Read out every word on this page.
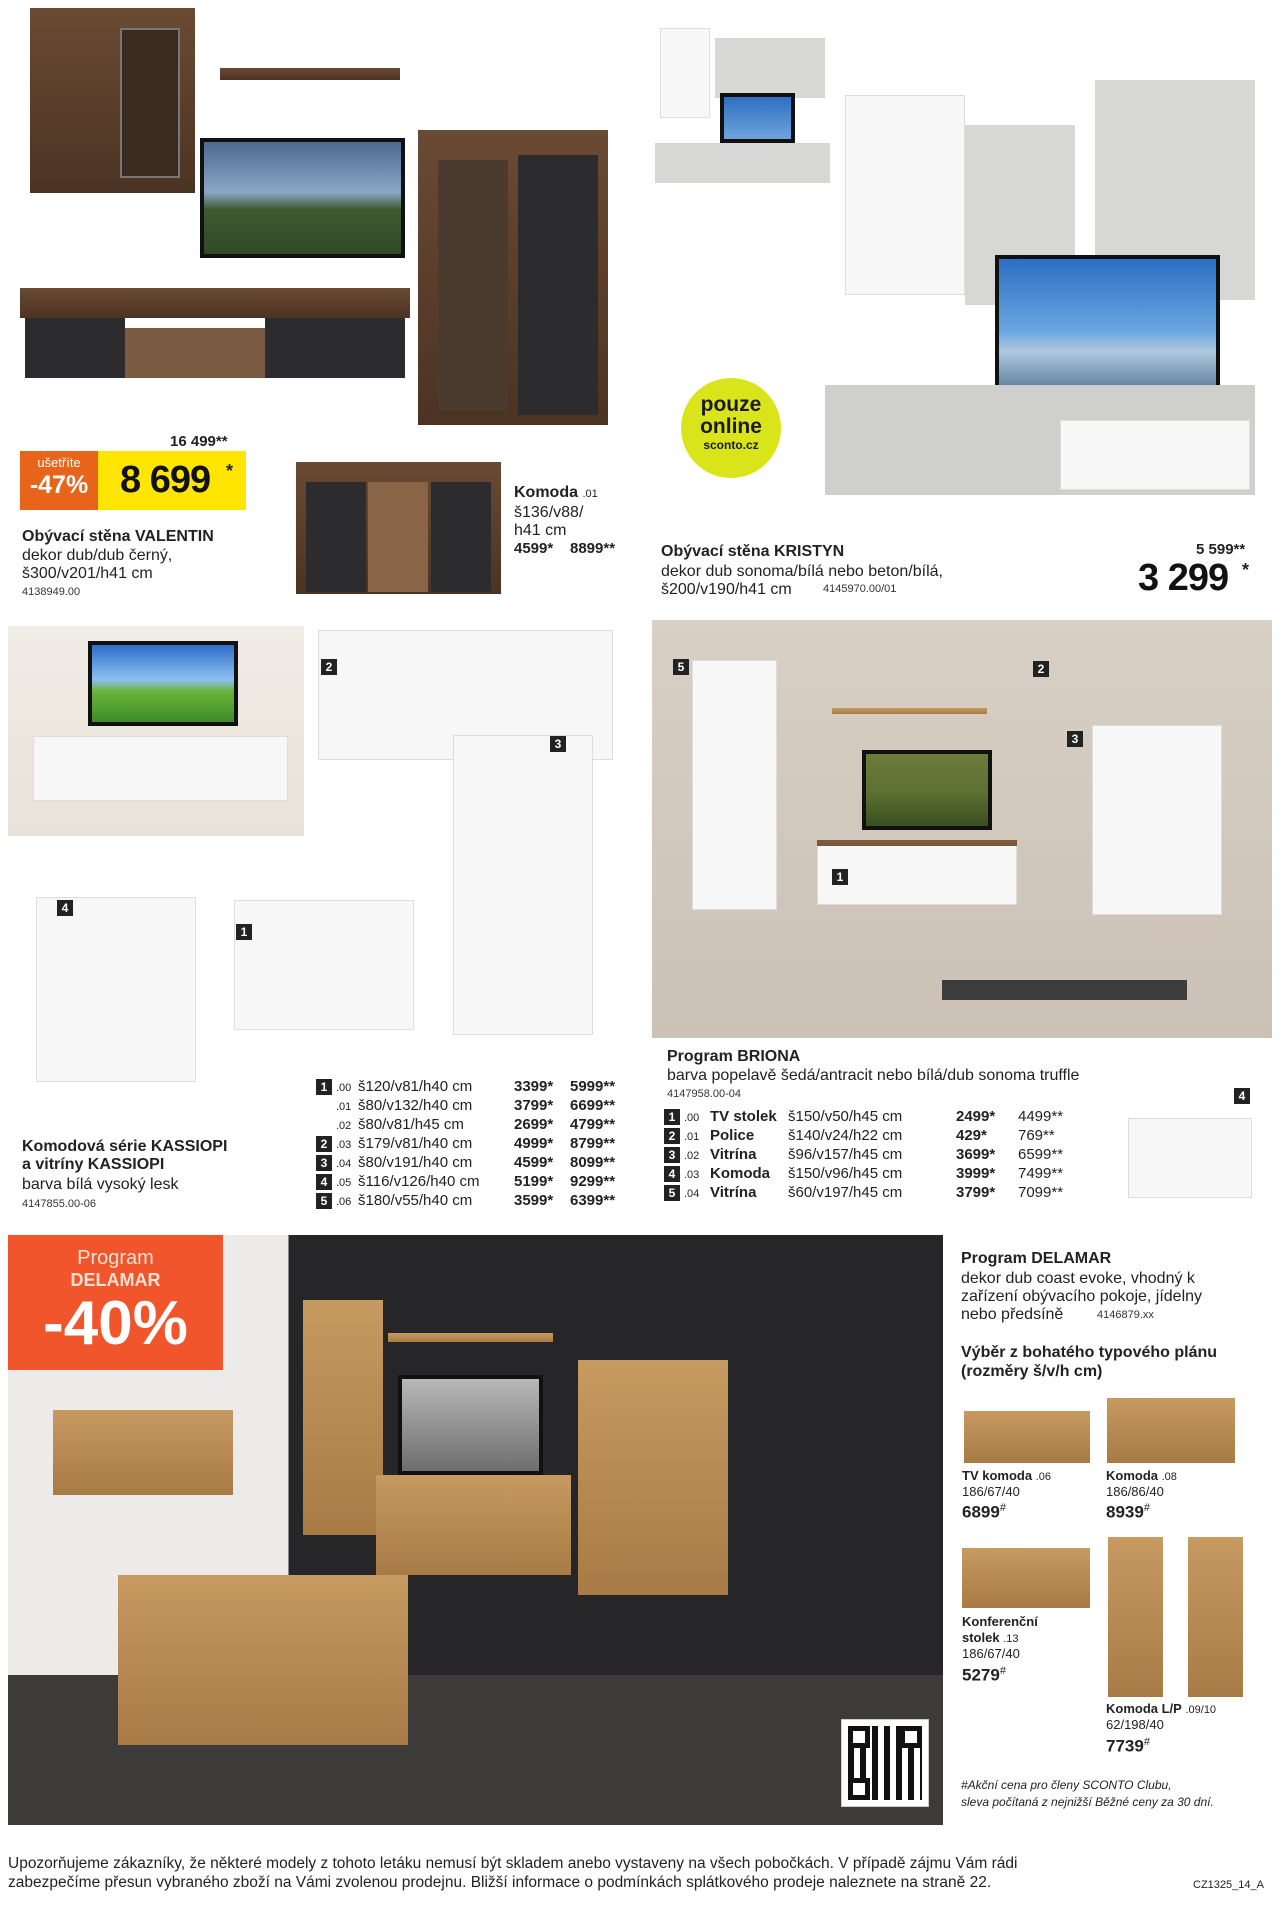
16 499**
ušetříte
-47% 8 699 *
Obývací stěna VALENTIN
dekor dub/dub černý,
š300/v201/h41 cm
4138949.00
Komoda .01
š136/v88/
h41 cm
4599* 8899**
pouze
online
sconto.cz
Obývací stěna KRISTYN
dekor dub sonoma/bílá nebo beton/bílá,
š200/v190/h41 cm	4145970.00/01
5 599**
3 299 *
2
3
4
1
Komodová série KASSIOPI
a vitríny KASSIOPI
barva bílá vysoký lesk
4147855.00-06
1 .00 š120/v81/h40 cm	3399* 5999**
.01 š80/v132/h40 cm	3799* 6699**
.02 š80/v81/h45 cm	2699* 4799**
2 .03 š179/v81/h40 cm	4999* 8799**
3 .04 š80/v191/h40 cm	4599* 8099**
4 .05 š116/v126/h40 cm 5199* 9299**
5 .06 š180/v55/h40 cm	3599* 6399**
5	2
3
1
Program BRIONA
barva popelavě šedá/antracit nebo bílá/dub sonoma truffle
4147958.00-04	4
1 .00 TV stolek š150/v50/h45 cm	2499* 4499**
2 .01 Police š140/v24/h22 cm	429* 769**
3 .02 Vitrína š96/v157/h45 cm	3699* 6599**
4 .03 Komoda š150/v96/h45 cm	3999* 7499**
5 .04 Vitrína š60/v197/h45 cm	3799* 7099**
Program
DELAMAR
-40%
Program DELAMAR
dekor dub coast evoke, vhodný k
zařízení obývacího pokoje, jídelny
nebo předsíně	4146879.xx
Výběr z bohatého typového plánu
(rozměry š/v/h cm)
TV komoda .06
186/67/40
6899#
Komoda .08
186/86/40
8939#
Konferenční
stolek .13
186/67/40
5279#
Komoda L/P .09/10
62/198/40
7739#
#Akční cena pro členy SCONTO Clubu,
sleva počítaná z nejnižší Běžné ceny za 30 dní.
Upozorňujeme zákazníky, že některé modely z tohoto letáku nemusí být skladem anebo vystaveny na všech pobočkách. V případě zájmu Vám rádi
zabezpečíme přesun vybraného zboží na Vámi zvolenou prodejnu. Bližší informace o podmínkách splátkového prodeje naleznete na straně 22.	CZ1325_14_A
